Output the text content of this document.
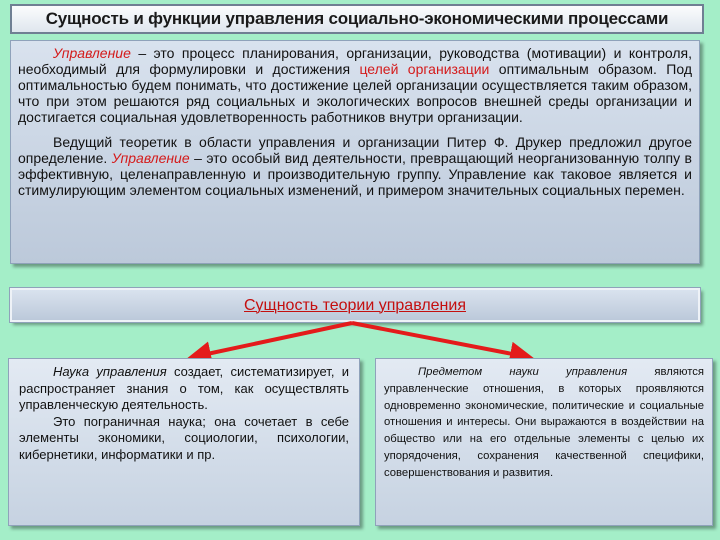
Сущность и функции управления социально-экономическими процессами

Управление – это процесс планирования, организации, руководства (мотивации) и контроля, необходимый для формулировки и достижения целей организации оптимальным образом. Под оптимальностью будем понимать, что достижение целей организации осуществляется таким образом, что при этом решаются ряд социальных и экологических вопросов внешней среды организации и достигается социальная удовлетворенность работников внутри организации.

Ведущий теоретик в области управления и организации Питер Ф. Друкер предложил другое определение. Управление – это особый вид деятельности, превращающий неорганизованную толпу в эффективную, целенаправленную и производительную группу. Управление как таковое является и стимулирующим элементом социальных изменений, и примером значительных социальных перемен.

Сущность теории управления

Наука управления создает, систематизирует, и распространяет знания о том, как осуществлять управленческую деятельность.

Это пограничная наука; она сочетает в себе элементы экономики, социологии, психологии, кибернетики, информатики и пр.

Предметом науки управления являются управленческие отношения, в которых проявляются одновременно экономические, политические и социальные отношения и интересы. Они выражаются в воздействии на общество или на его отдельные элементы с целью их упорядочения, сохранения качественной специфики, совершенствования и развития.
